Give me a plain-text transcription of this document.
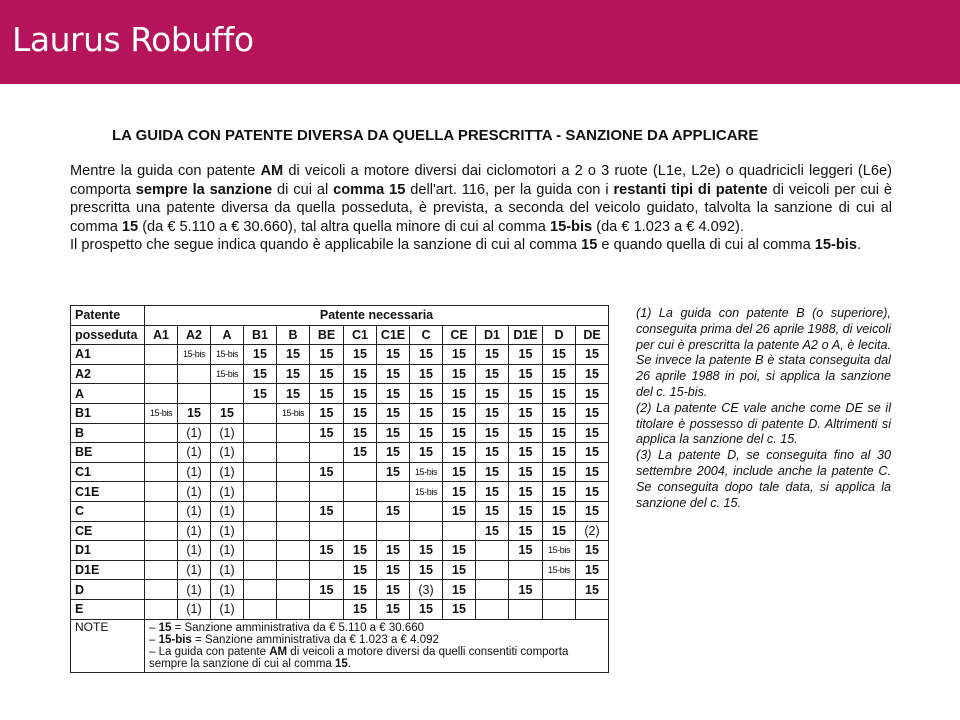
Laurus Robuffo
LA GUIDA CON PATENTE DIVERSA DA QUELLA PRESCRITTA - SANZIONE DA APPLICARE

Mentre la guida con patente AM di veicoli a motore diversi dai ciclomotori a 2 o 3 ruote (L1e, L2e) o quadricicli leggeri (L6e) comporta sempre la sanzione di cui al comma 15 dell'art. 116, per la guida con i restanti tipi di patente di veicoli per cui è prescritta una patente diversa da quella posseduta, è prevista, a seconda del veicolo guidato, talvolta la sanzione di cui al comma 15 (da € 5.110 a € 30.660), tal altra quella minore di cui al comma 15-bis (da € 1.023 a € 4.092).

Il prospetto che segue indica quando è applicabile la sanzione di cui al comma 15 e quando quella di cui al comma 15-bis.

Patente	Patente necessaria													
posseduta	A1	A2	A	B1	B	BE	C1	C1E	C	CE	D1	D1E	D	DE
A1		15-bis	15-bis	15	15	15	15	15	15	15	15	15	15	15
A2			15-bis	15	15	15	15	15	15	15	15	15	15	15
A				15	15	15	15	15	15	15	15	15	15	15
B1	15-bis	15	15		15-bis	15	15	15	15	15	15	15	15	15
B		(1)	(1)			15	15	15	15	15	15	15	15	15
BE		(1)	(1)				15	15	15	15	15	15	15	15
C1		(1)	(1)			15		15	15-bis	15	15	15	15	15
C1E		(1)	(1)						15-bis	15	15	15	15	15
C		(1)	(1)			15		15		15	15	15	15	15
CE		(1)	(1)								15	15	15	(2)
D1		(1)	(1)			15	15	15	15	15		15	15-bis	15
D1E		(1)	(1)				15	15	15	15			15-bis	15
D		(1)	(1)			15	15	15	(3)	15		15		15
E		(1)	(1)				15	15	15	15				
NOTE	– 15 = Sanzione amministrativa da € 5.110 a € 30.660
– 15-bis = Sanzione amministrativa da € 1.023 a € 4.092
– La guida con patente AM di veicoli a motore diversi da quelli consentiti comporta sempre la sanzione di cui al comma 15.													

(1) La guida con patente B (o superiore), conseguita prima del 26 aprile 1988, di veicoli per cui è prescritta la patente A2 o A, è lecita. Se invece la patente B è stata conseguita dal 26 aprile 1988 in poi, si applica la sanzione del c. 15-bis.

(2) La patente CE vale anche come DE se il titolare è possesso di patente D. Altrimenti si applica la sanzione del c. 15.

(3) La patente D, se conseguita fino al 30 settembre 2004, include anche la patente C. Se conseguita dopo tale data, si applica la sanzione del c. 15.
